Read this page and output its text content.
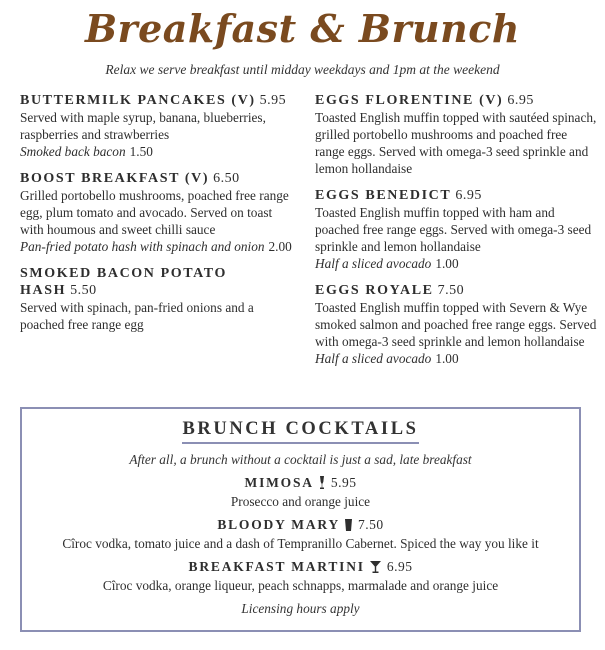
Breakfast & Brunch
Relax we serve breakfast until midday weekdays and 1pm at the weekend
BUTTERMILK PANCAKES (V) 5.95
Served with maple syrup, banana, blueberries, raspberries and strawberries
Smoked back bacon 1.50
BOOST BREAKFAST (V) 6.50
Grilled portobello mushrooms, poached free range egg, plum tomato and avocado. Served on toast with houmous and sweet chilli sauce
Pan-fried potato hash with spinach and onion 2.00
SMOKED BACON POTATO HASH 5.50
Served with spinach, pan-fried onions and a poached free range egg
EGGS FLORENTINE (V) 6.95
Toasted English muffin topped with sautéed spinach, grilled portobello mushrooms and poached free range eggs. Served with omega-3 seed sprinkle and lemon hollandaise
EGGS BENEDICT 6.95
Toasted English muffin topped with ham and poached free range eggs. Served with omega-3 seed sprinkle and lemon hollandaise
Half a sliced avocado 1.00
EGGS ROYALE 7.50
Toasted English muffin topped with Severn & Wye smoked salmon and poached free range eggs. Served with omega-3 seed sprinkle and lemon hollandaise
Half a sliced avocado 1.00
BRUNCH COCKTAILS
After all, a brunch without a cocktail is just a sad, late breakfast
MIMOSA 5.95
Prosecco and orange juice
BLOODY MARY 7.50
Cîroc vodka, tomato juice and a dash of Tempranillo Cabernet. Spiced the way you like it
BREAKFAST MARTINI 6.95
Cîroc vodka, orange liqueur, peach schnapps, marmalade and orange juice
Licensing hours apply
